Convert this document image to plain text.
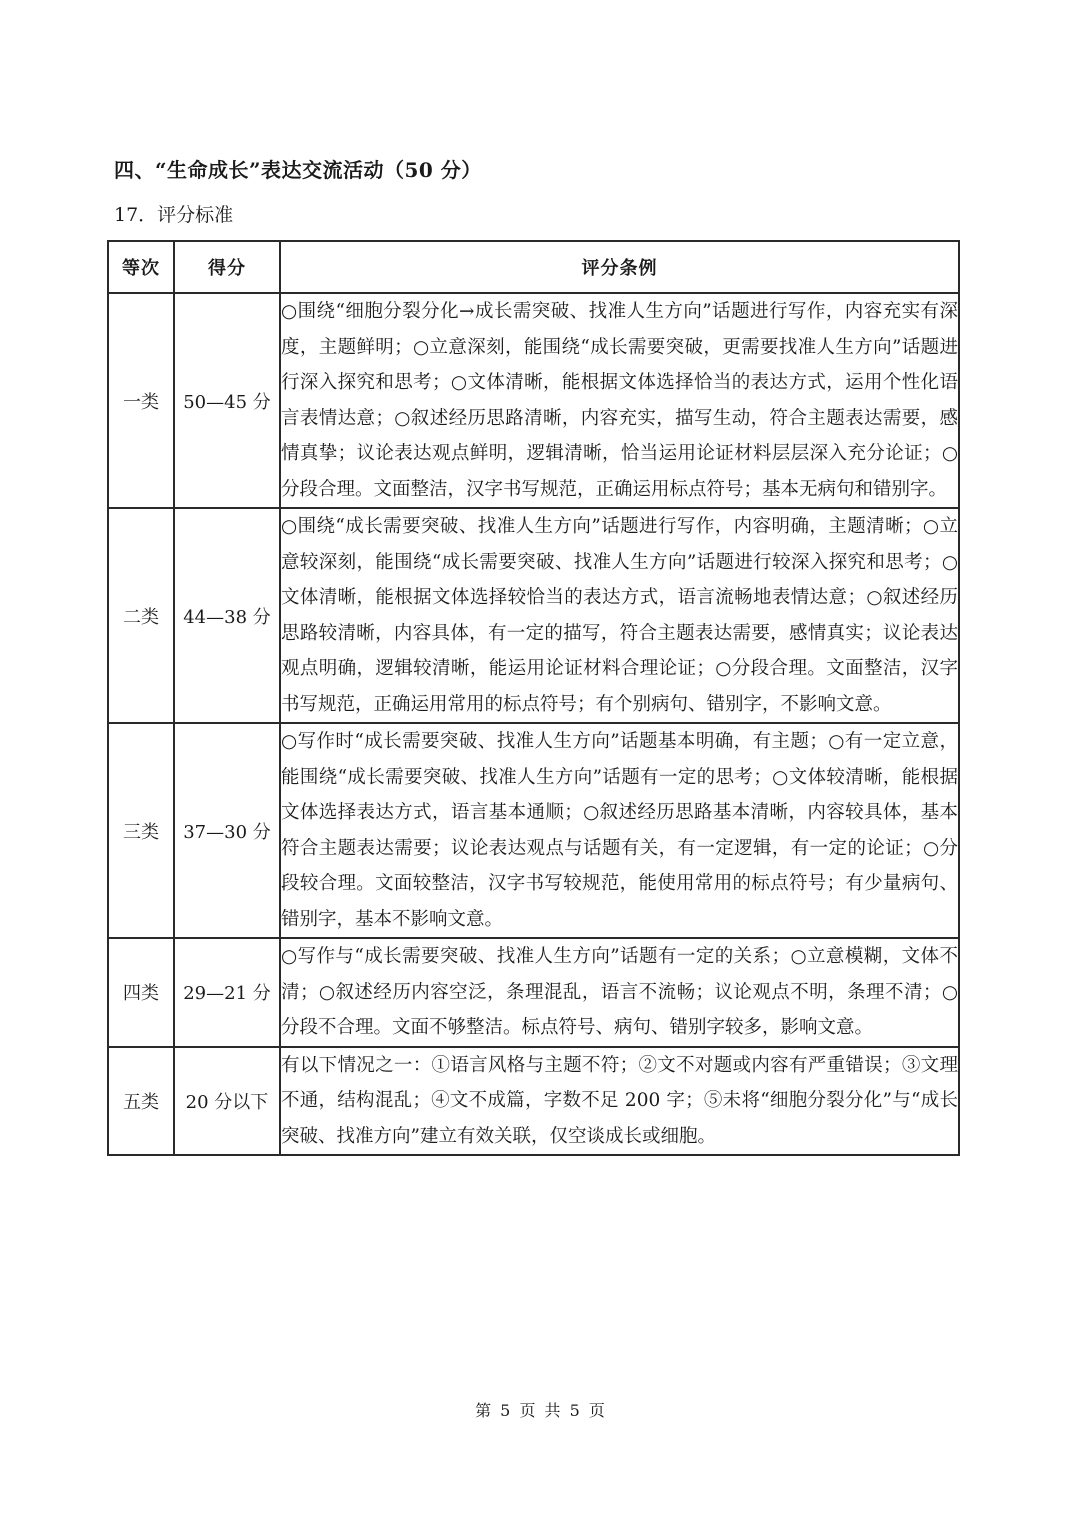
四、“生命成长”表达交流活动（50 分）
17．评分标准
等次	得分	评分条例
一类	50—45 分	○围绕“细胞分裂分化→成长需突破、找准人生方向”话题进行写作，内容充实有深度，主题鲜明；○立意深刻，能围绕“成长需要突破，更需要找准人生方向”话题进行深入探究和思考；○文体清晰，能根据文体选择恰当的表达方式，运用个性化语言表情达意；○叙述经历思路清晰，内容充实，描写生动，符合主题表达需要，感情真挚；议论表达观点鲜明，逻辑清晰，恰当运用论证材料层层深入充分论证；○分段合理。文面整洁，汉字书写规范，正确运用标点符号；基本无病句和错别字。
二类	44—38 分	○围绕“成长需要突破、找准人生方向”话题进行写作，内容明确，主题清晰；○立意较深刻，能围绕“成长需要突破、找准人生方向”话题进行较深入探究和思考；○文体清晰，能根据文体选择较恰当的表达方式，语言流畅地表情达意；○叙述经历思路较清晰，内容具体，有一定的描写，符合主题表达需要，感情真实；议论表达观点明确，逻辑较清晰，能运用论证材料合理论证；○分段合理。文面整洁，汉字书写规范，正确运用常用的标点符号；有个别病句、错别字，不影响文意。
三类	37—30 分	○写作时“成长需要突破、找准人生方向”话题基本明确，有主题；○有一定立意，能围绕“成长需要突破、找准人生方向”话题有一定的思考；○文体较清晰，能根据文体选择表达方式，语言基本通顺；○叙述经历思路基本清晰，内容较具体，基本符合主题表达需要；议论表达观点与话题有关，有一定逻辑，有一定的论证；○分段较合理。文面较整洁，汉字书写较规范，能使用常用的标点符号；有少量病句、错别字，基本不影响文意。
四类	29—21 分	○写作与“成长需要突破、找准人生方向”话题有一定的关系；○立意模糊，文体不清；○叙述经历内容空泛，条理混乱，语言不流畅；议论观点不明，条理不清；○分段不合理。文面不够整洁。标点符号、病句、错别字较多，影响文意。
五类	20 分以下	有以下情况之一：①语言风格与主题不符；②文不对题或内容有严重错误；③文理不通，结构混乱；④文不成篇，字数不足 200 字；⑤未将“细胞分裂分化”与“成长突破、找准方向”建立有效关联，仅空谈成长或细胞。
第 5 页 共 5 页
